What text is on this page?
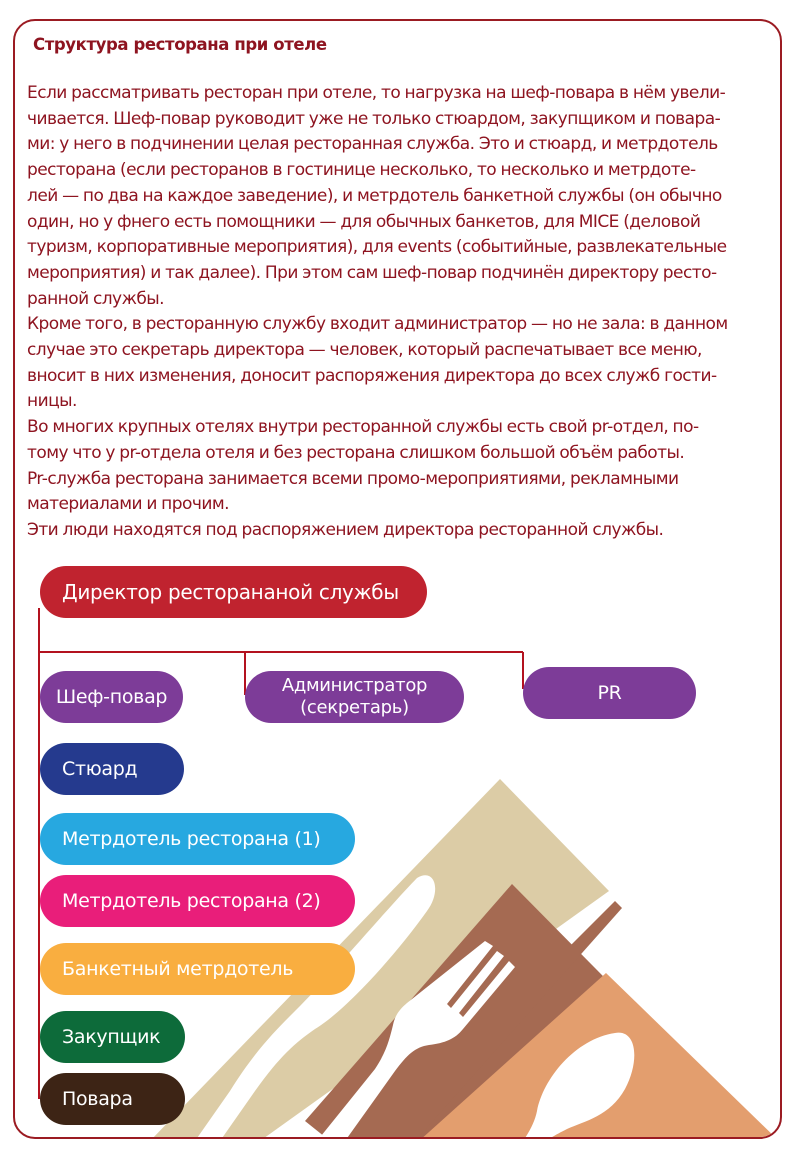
Структура ресторана при отеле

Если рассматривать ресторан при отеле, то нагрузка на шеф-повара в нём увели-

чивается. Шеф-повар руководит уже не только стюардом, закупщиком и повара-

ми: у него в подчинении целая ресторанная служба. Это и стюард, и метрдотель

ресторана (если ресторанов в гостинице несколько, то несколько и метрдоте-

лей — по два на каждое заведение), и метрдотель банкетной службы (он обычно

один, но у фнего есть помощники — для обычных банкетов, для MICE (деловой

туризм, корпоративные мероприятия), для events (событийные, развлекательные

мероприятия) и так далее). При этом сам шеф-повар подчинён директору ресто-

ранной службы.

Кроме того, в ресторанную службу входит администратор — но не зала: в данном

случае это секретарь директора — человек, который распечатывает все меню,

вносит в них изменения, доносит распоряжения директора до всех служб гости-

ницы.

Во многих крупных отелях внутри ресторанной службы есть свой pr-отдел, по-

тому что у pr-отдела отеля и без ресторана слишком большой объём работы.

Pr-служба ресторана занимается всеми промо-мероприятиями, рекламными

материалами и прочим.

Эти люди находятся под распоряжением директора ресторанной службы.

Директор ресторананой службы
Шеф-повар
Администратор
(секретарь)
PR
Стюард
Метрдотель ресторана (1)
Метрдотель ресторана (2)
Банкетный метрдотель
Закупщик
Повара
